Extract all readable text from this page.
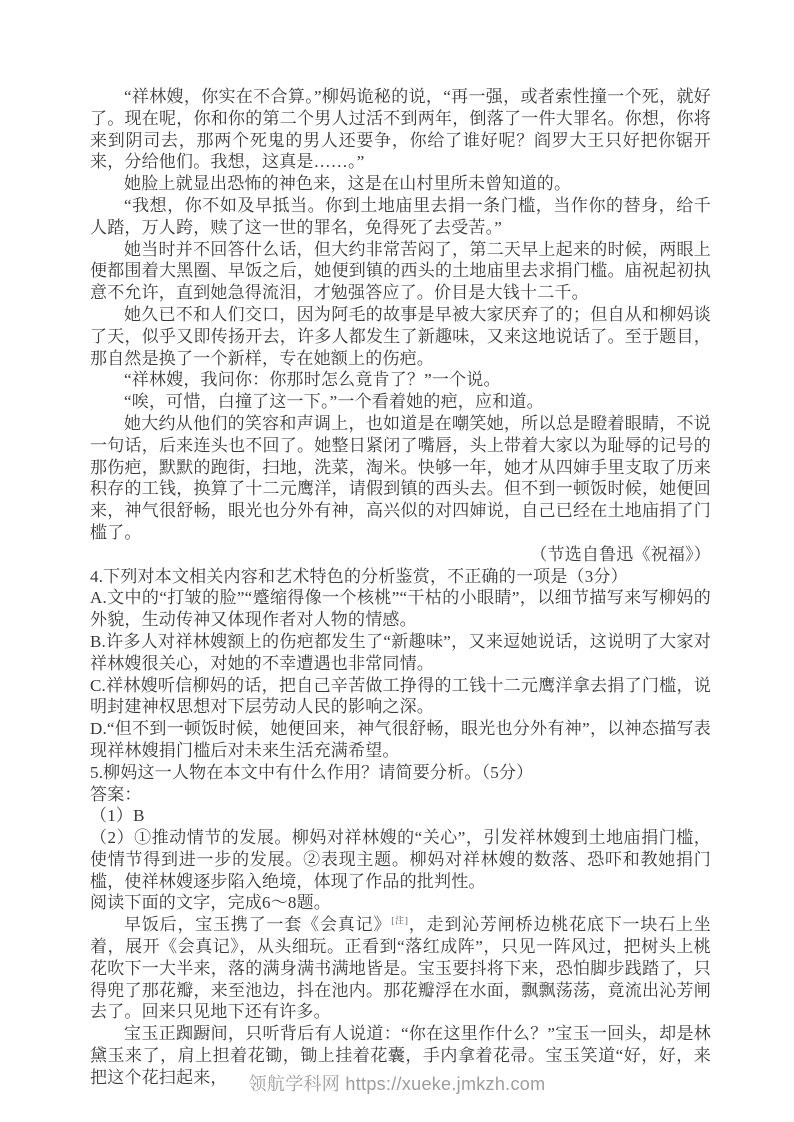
“祥林嫂，你实在不合算。”柳妈诡秘的说，“再一强，或者索性撞一个死，就好了。现在呢，你和你的第二个男人过活不到两年，倒落了一件大罪名。你想，你将来到阴司去，那两个死鬼的男人还要争，你给了谁好呢？阎罗大王只好把你锯开来，分给他们。我想，这真是……。”

她脸上就显出恐怖的神色来，这是在山村里所未曾知道的。

“我想，你不如及早抵当。你到土地庙里去捐一条门槛，当作你的替身，给千人踏，万人跨，赎了这一世的罪名，免得死了去受苦。”

她当时并不回答什么话，但大约非常苦闷了，第二天早上起来的时候，两眼上便都围着大黑圈、早饭之后，她便到镇的西头的土地庙里去求捐门槛。庙祝起初执意不允许，直到她急得流泪，才勉强答应了。价目是大钱十二千。

她久已不和人们交口，因为阿毛的故事是早被大家厌弃了的；但自从和柳妈谈了天，似乎又即传扬开去，许多人都发生了新趣味，又来这地说话了。至于题目，那自然是换了一个新样，专在她额上的伤疤。

“祥林嫂，我问你：你那时怎么竟肯了？”一个说。

“唉，可惜，白撞了这一下。”一个看着她的疤，应和道。

她大约从他们的笑容和声调上，也如道是在嘲笑她，所以总是瞪着眼睛，不说一句话，后来连头也不回了。她整日紧闭了嘴唇，头上带着大家以为耻辱的记号的那伤疤，默默的跑街，扫地，洗菜，淘米。快够一年，她才从四婶手里支取了历来积存的工钱，换算了十二元鹰洋，请假到镇的西头去。但不到一顿饭时候，她便回来，神气很舒畅，眼光也分外有神，高兴似的对四婶说，自己已经在土地庙捐了门槛了。

（节选自鲁迅《祝福》）

4.下列对本文相关内容和艺术特色的分析鉴赏，不正确的一项是（3分）

A.文中的“打皱的脸”“蹙缩得像一个核桃”“干枯的小眼睛”，以细节描写来写柳妈的外貌，生动传神又体现作者对人物的情感。

B.许多人对祥林嫂额上的伤疤都发生了“新趣味”，又来逗她说话，这说明了大家对祥林嫂很关心，对她的不幸遭遇也非常同情。

C.祥林嫂听信柳妈的话，把自己辛苦做工挣得的工钱十二元鹰洋拿去捐了门槛，说明封建神权思想对下层劳动人民的影响之深。

D.“但不到一顿饭时候，她便回来，神气很舒畅，眼光也分外有神”，以神态描写表现祥林嫂捐门槛后对未来生活充满希望。

5.柳妈这一人物在本文中有什么作用？请简要分析。（5分）

答案：

（1）B

（2）①推动情节的发展。柳妈对祥林嫂的“关心”，引发祥林嫂到土地庙捐门槛，使情节得到进一步的发展。②表现主题。柳妈对祥林嫂的数落、恐吓和教她捐门槛，使祥林嫂逐步陷入绝境，体现了作品的批判性。

阅读下面的文字，完成6～8题。

早饭后，宝玉携了一套《会真记》[注]，走到沁芳闸桥边桃花底下一块石上坐着，展开《会真记》，从头细玩。正看到“落红成阵”，只见一阵风过，把树头上桃花吹下一大半来，落的满身满书满地皆是。宝玉要抖将下来，恐怕脚步践踏了，只得兜了那花瓣，来至池边，抖在池内。那花瓣浮在水面，飘飘荡荡，竟流出沁芳闸去了。回来只见地下还有许多。

宝玉正踟蹰间，只听背后有人说道：“你在这里作什么？”宝玉一回头，却是林黛玉来了，肩上担着花锄，锄上挂着花囊，手内拿着花帚。宝玉笑道“好，好，来把这个花扫起来，	领航学科网 https://xueke.jmkzh.com
